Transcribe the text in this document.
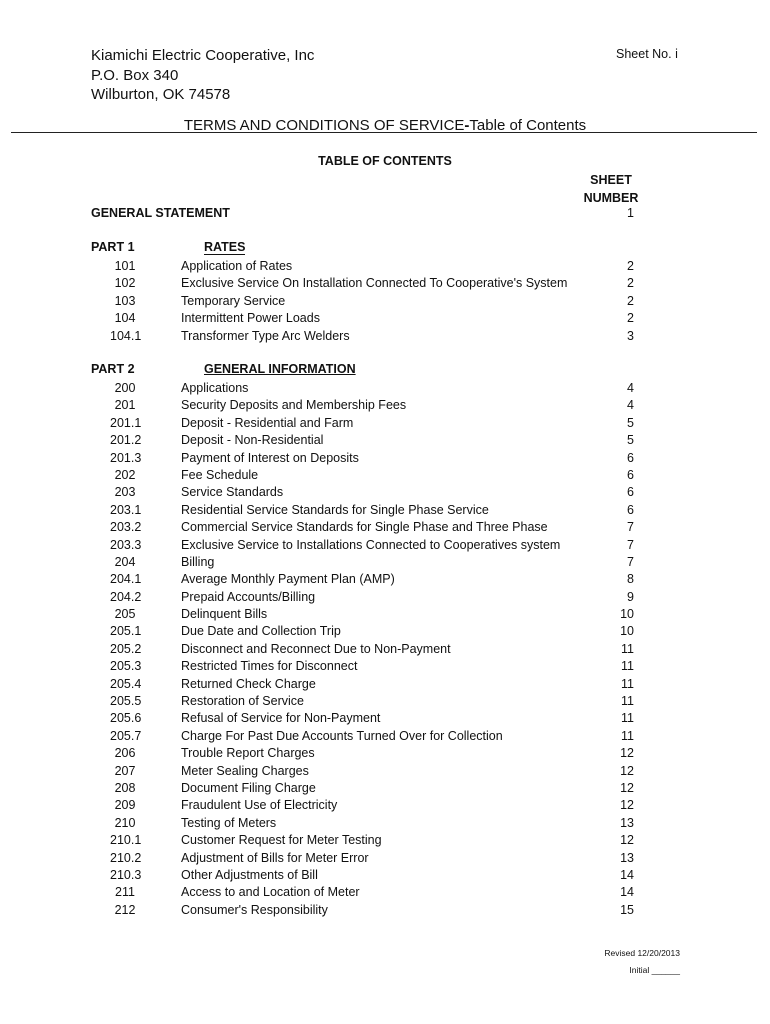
Kiamichi Electric Cooperative, Inc
P.O. Box 340
Wilburton, OK 74578
Sheet No. i
TERMS AND CONDITIONS OF SERVICE-Table of Contents
TABLE OF CONTENTS
SHEET
NUMBER
GENERAL STATEMENT	1
PART 1	RATES
101	Application of Rates	2
102	Exclusive Service On Installation Connected To Cooperative's System	2
103	Temporary Service	2
104	Intermittent Power Loads	2
104.1	Transformer Type Arc Welders	3
PART 2	GENERAL INFORMATION
200	Applications	4
201	Security Deposits and Membership Fees	4
201.1	Deposit - Residential and Farm	5
201.2	Deposit - Non-Residential	5
201.3	Payment of Interest on Deposits	6
202	Fee Schedule	6
203	Service Standards	6
203.1	Residential Service Standards for Single Phase Service	6
203.2	Commercial Service Standards for Single Phase and Three Phase	7
203.3	Exclusive Service to Installations Connected to Cooperatives system	7
204	Billing	7
204.1	Average Monthly Payment Plan (AMP)	8
204.2	Prepaid Accounts/Billing	9
205	Delinquent Bills	10
205.1	Due Date and Collection Trip	10
205.2	Disconnect and Reconnect Due to Non-Payment	11
205.3	Restricted Times for Disconnect	11
205.4	Returned Check Charge	11
205.5	Restoration of Service	11
205.6	Refusal of Service for Non-Payment	11
205.7	Charge For Past Due Accounts Turned Over for Collection	11
206	Trouble Report Charges	12
207	Meter Sealing Charges	12
208	Document Filing Charge	12
209	Fraudulent Use of Electricity	12
210	Testing of Meters	13
210.1	Customer Request for Meter Testing	12
210.2	Adjustment of Bills for Meter Error	13
210.3	Other Adjustments of Bill	14
211	Access to and Location of Meter	14
212	Consumer's Responsibility	15
Revised 12/20/2013
Initial ______
